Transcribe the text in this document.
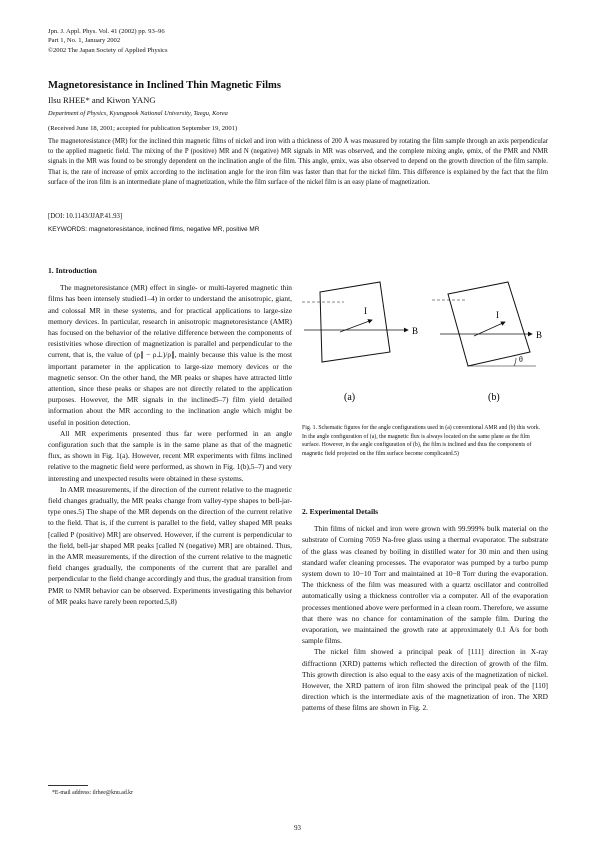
Jpn. J. Appl. Phys. Vol. 41 (2002) pp. 93–96
Part 1, No. 1, January 2002
©2002 The Japan Society of Applied Physics
Magnetoresistance in Inclined Thin Magnetic Films
Ilsu RHEE* and Kiwon YANG
Department of Physics, Kyungpook National University, Taegu, Korea
(Received June 18, 2001; accepted for publication September 19, 2001)
The magnetoresistance (MR) for the inclined thin magnetic films of nickel and iron with a thickness of 200 Å was measured by rotating the film sample through an axis perpendicular to the applied magnetic field. The mixing of the P (positive) MR and N (negative) MR signals in MR was observed, and the complete mixing angle, φmix, of the PMR and NMR signals in the MR was found to be strongly dependent on the inclination angle of the film. This angle, φmix, was also observed to depend on the growth direction of the film sample. That is, the rate of increase of φmix according to the inclination angle for the iron film was faster than that for the nickel film. This difference is explained by the fact that the film surface of the iron film is an intermediate plane of magnetization, while the film surface of the nickel film is an easy plane of magnetization.
[DOI: 10.1143/JJAP.41.93]
KEYWORDS: magnetoresistance, inclined films, negative MR, positive MR
1. Introduction

The magnetoresistance (MR) effect in single- or multi-layered magnetic thin films has been intensely studied1–4) in order to understand the anisotropic, giant, and colossal MR in these systems, and for practical applications to large-size memory devices. In particular, research in anisotropic magnetoresistance (AMR) has focused on the behavior of the relative difference between the components of resistivities whose direction of magnetization is parallel and perpendicular to the current, that is, the value of (ρ∥ − ρ⊥)/ρ∥, mainly because this value is the most important parameter in the application to large-size memory devices or the magnetic sensor. On the other hand, the MR peaks or shapes have attracted little attention, since these peaks or shapes are not directly related to the application purposes. However, the MR signals in the inclined5–7) film yield detailed information about the MR according to the inclination angle which might be useful in position detection.

All MR experiments presented thus far were performed in an angle configuration such that the sample is in the same plane as that of the magnetic flux, as shown in Fig. 1(a). However, recent MR experiments with films inclined relative to the magnetic field were performed, as shown in Fig. 1(b),5–7) and very interesting and unexpected results were obtained in these systems.

In AMR measurements, if the direction of the current relative to the magnetic field changes gradually, the MR peaks change from valley-type shapes to bell-jar-type ones.5) The shape of the MR depends on the direction of the current relative to the field. That is, if the current is parallel to the field, valley shaped MR peaks [called P (positive) MR] are observed. However, if the current is perpendicular to the field, bell-jar shaped MR peaks [called N (negative) MR] are obtained. Thus, in the AMR measurements, if the direction of the current relative to the magnetic field changes gradually, the components of the current that are parallel and perpendicular to the field change accordingly and thus, the gradual transition from PMR to NMR behavior can be observed. Experiments investigating this behavior of MR peaks have rarely been reported.5,8)

I
B
(a)
I
B
θ
(b)
Fig. 1. Schematic figures for the angle configurations used in (a) conventional AMR and (b) this work. In the angle configuration of (a), the magnetic flux is always located on the same plane as the film surface. However, in the angle configuration of (b), the film is inclined and thus the components of magnetic field projected on the film surface become complicated.5)
2. Experimental Details

Thin films of nickel and iron were grown with 99.999% bulk material on the substrate of Corning 7059 Na-free glass using a thermal evaporator. The substrate of the glass was cleaned by boiling in distilled water for 30 min and then using standard wafer cleaning processes. The evaporator was pumped by a turbo pump system down to 10−10 Torr and maintained at 10−8 Torr during the evaporation. The thickness of the film was measured with a quartz oscillator and controlled automatically using a thickness controller via a computer. All of the evaporation processes mentioned above were performed in a clean room. Therefore, we assume that there was no chance for contamination of the sample film. During the evaporation, we maintained the growth rate at approximately 0.1 Å/s for both sample films.

The nickel film showed a principal peak of [111] direction in X-ray diffractionn (XRD) patterns which reflected the direction of growth of the film. This growth direction is also equal to the easy axis of the magnetization of nickel. However, the XRD pattern of iron film showed the principal peak of the [110] direction which is the intermediate axis of the magnetization of iron. The XRD patterns of these films are shown in Fig. 2.

*E-mail address: ilrhee@knu.ad.kr
93
